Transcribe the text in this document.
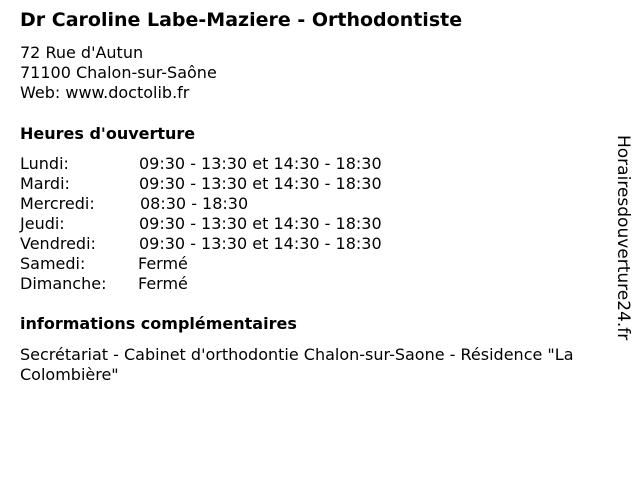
Dr Caroline Labe-Maziere - Orthodontiste
72 Rue d'Autun
71100 Chalon-sur-Saône
Web: www.doctolib.fr
Heures d'ouverture
Lundi:	09:30 - 13:30 et 14:30 - 18:30
Mardi:	09:30 - 13:30 et 14:30 - 18:30
Mercredi:	08:30 - 18:30
Jeudi:	09:30 - 13:30 et 14:30 - 18:30
Vendredi:	09:30 - 13:30 et 14:30 - 18:30
Samedi:	Fermé
Dimanche: Fermé
informations complémentaires
Secrétariat - Cabinet d'orthodontie Chalon-sur-Saone - Résidence "La Colombière"
Horairesdouverture24.fr
